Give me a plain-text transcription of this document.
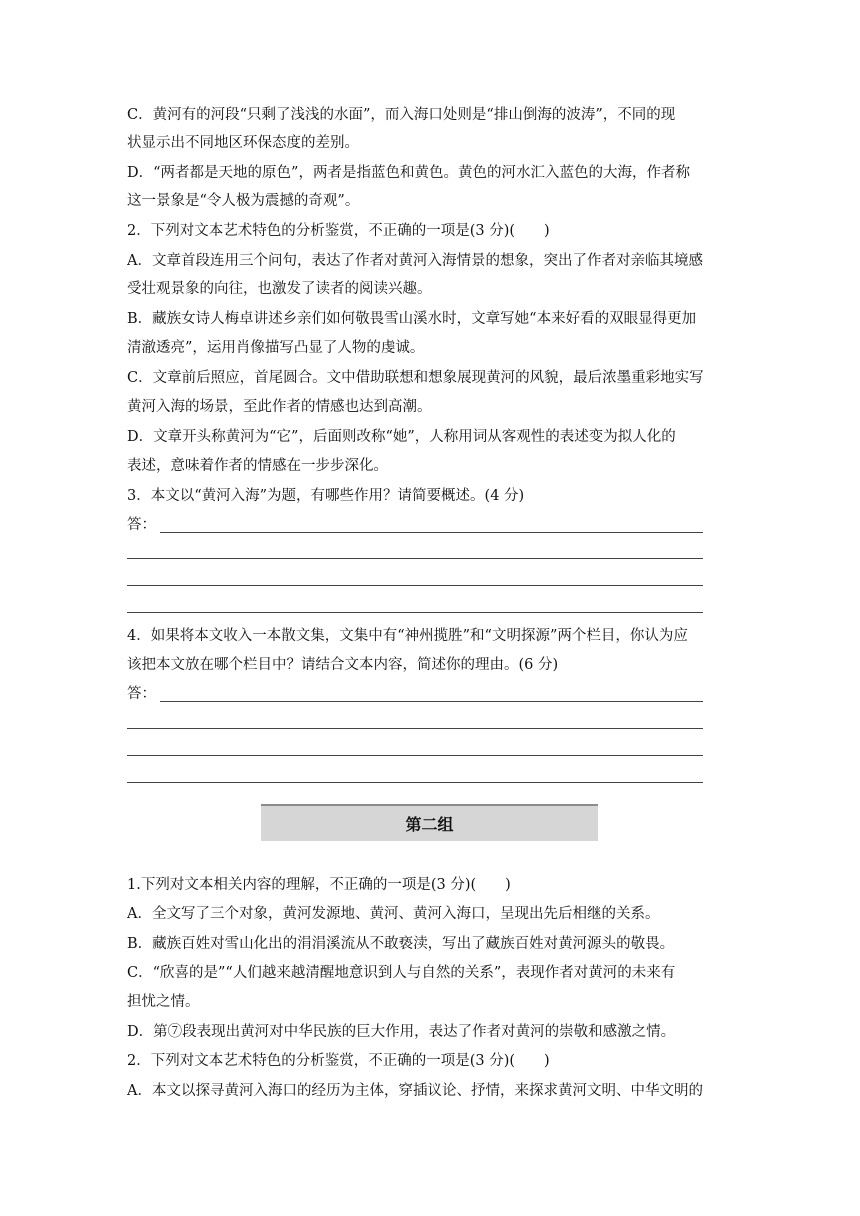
C．黄河有的河段“只剩了浅浅的水面”，而入海口处则是“排山倒海的波涛”，不同的现
状显示出不同地区环保态度的差别。
D．“两者都是天地的原色”，两者是指蓝色和黄色。黄色的河水汇入蓝色的大海，作者称
这一景象是“令人极为震撼的奇观”。
2．下列对文本艺术特色的分析鉴赏，不正确的一项是(3 分)(　　)
A．文章首段连用三个问句，表达了作者对黄河入海情景的想象，突出了作者对亲临其境感
受壮观景象的向往，也激发了读者的阅读兴趣。
B．藏族女诗人梅卓讲述乡亲们如何敬畏雪山溪水时，文章写她“本来好看的双眼显得更加
清澈透亮”，运用肖像描写凸显了人物的虔诚。
C．文章前后照应，首尾圆合。文中借助联想和想象展现黄河的风貌，最后浓墨重彩地实写
黄河入海的场景，至此作者的情感也达到高潮。
D．文章开头称黄河为“它”，后面则改称“她”，人称用词从客观性的表述变为拟人化的
表述，意味着作者的情感在一步步深化。
3．本文以“黄河入海”为题，有哪些作用？请简要概述。(4 分)
答：
4．如果将本文收入一本散文集，文集中有“神州揽胜”和“文明探源”两个栏目，你认为应
该把本文放在哪个栏目中？请结合文本内容，简述你的理由。(6 分)
答：
第二组
1.下列对文本相关内容的理解，不正确的一项是(3 分)(　　)
A．全文写了三个对象，黄河发源地、黄河、黄河入海口，呈现出先后相继的关系。
B．藏族百姓对雪山化出的涓涓溪流从不敢亵渎，写出了藏族百姓对黄河源头的敬畏。
C．“欣喜的是”“人们越来越清醒地意识到人与自然的关系”，表现作者对黄河的未来有
担忧之情。
D．第⑦段表现出黄河对中华民族的巨大作用，表达了作者对黄河的崇敬和感激之情。
2．下列对文本艺术特色的分析鉴赏，不正确的一项是(3 分)(　　)
A．本文以探寻黄河入海口的经历为主体，穿插议论、抒情，来探求黄河文明、中华文明的
